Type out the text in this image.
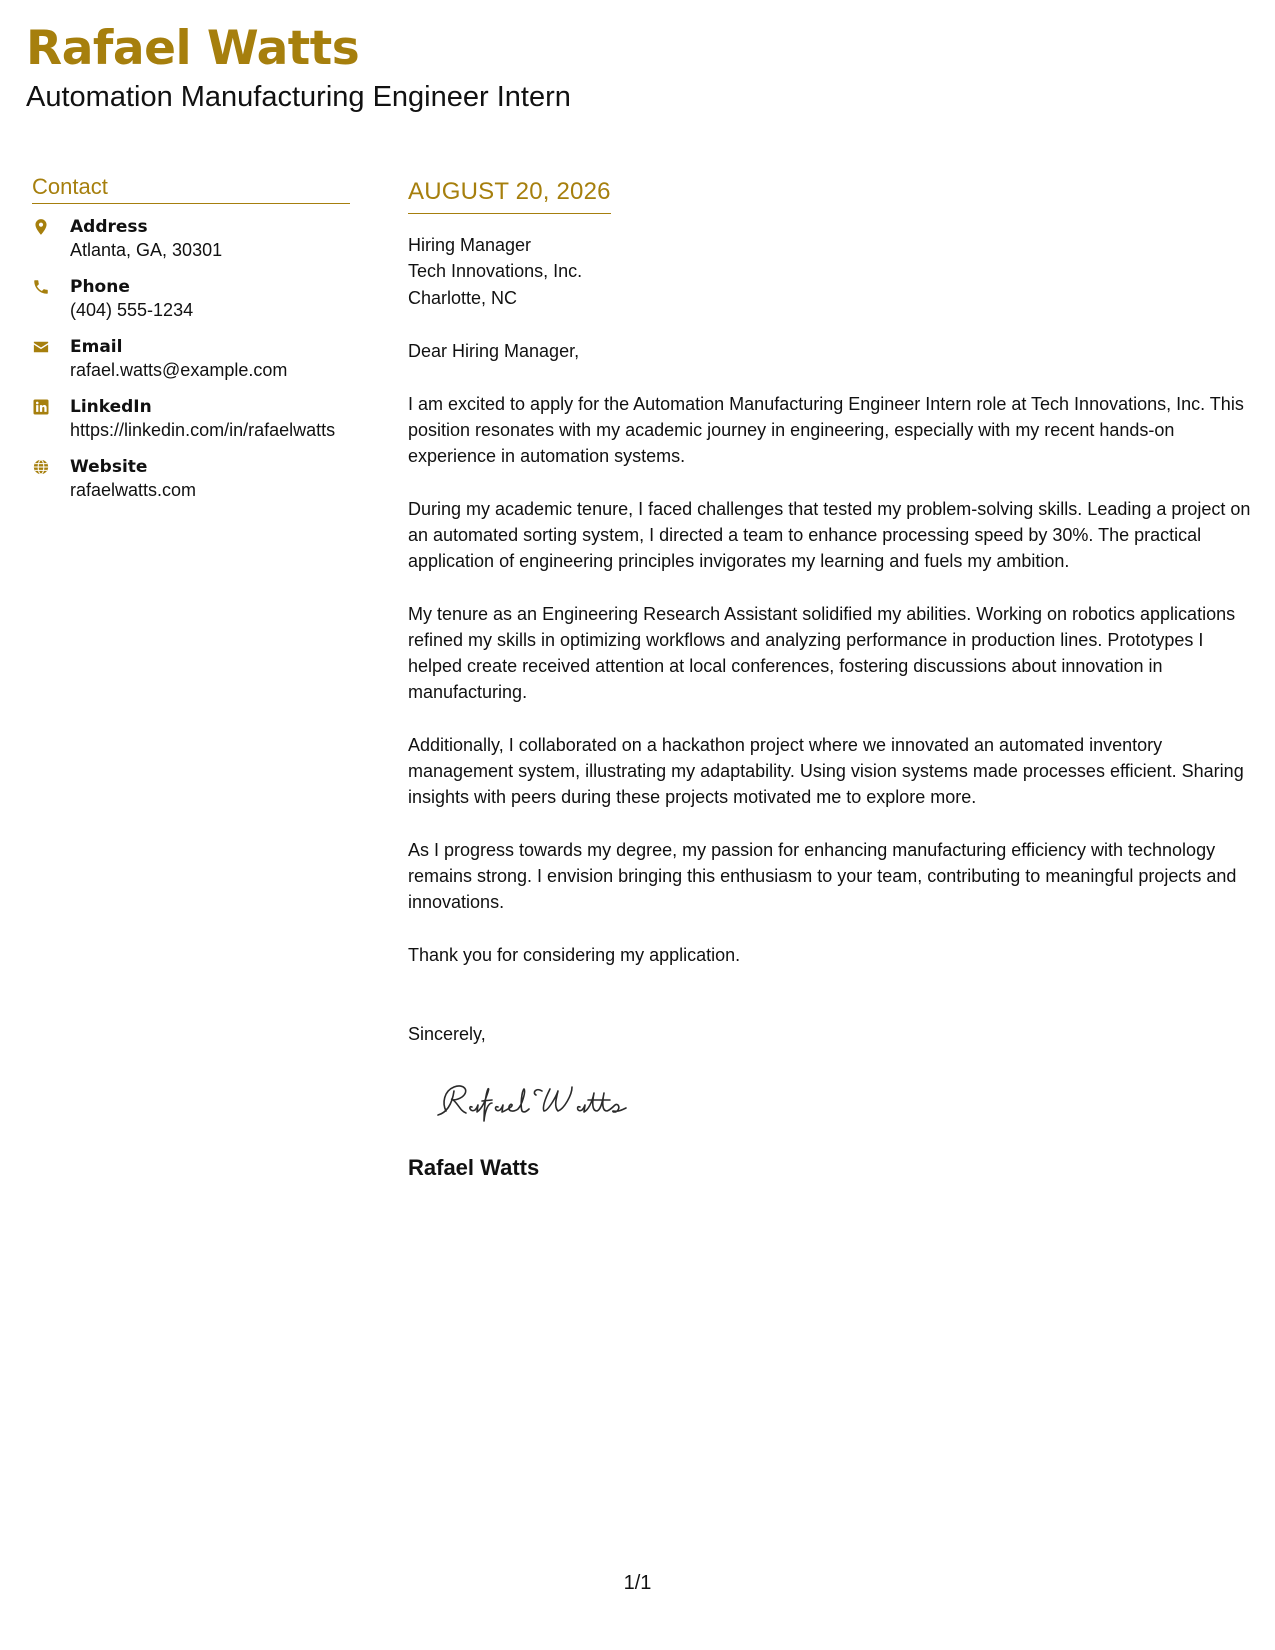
Rafael Watts
Automation Manufacturing Engineer Intern
Contact
Address
Atlanta, GA, 30301
Phone
(404) 555-1234
Email
rafael.watts@example.com
LinkedIn
https://linkedin.com/in/rafaelwatts
Website
rafaelwatts.com
AUGUST 20, 2026
Hiring Manager
Tech Innovations, Inc.
Charlotte, NC
Dear Hiring Manager,
I am excited to apply for the Automation Manufacturing Engineer Intern role at Tech Innovations, Inc. This position resonates with my academic journey in engineering, especially with my recent hands-on experience in automation systems.
During my academic tenure, I faced challenges that tested my problem-solving skills. Leading a project on an automated sorting system, I directed a team to enhance processing speed by 30%. The practical application of engineering principles invigorates my learning and fuels my ambition.
My tenure as an Engineering Research Assistant solidified my abilities. Working on robotics applications refined my skills in optimizing workflows and analyzing performance in production lines. Prototypes I helped create received attention at local conferences, fostering discussions about innovation in manufacturing.
Additionally, I collaborated on a hackathon project where we innovated an automated inventory management system, illustrating my adaptability. Using vision systems made processes efficient. Sharing insights with peers during these projects motivated me to explore more.
As I progress towards my degree, my passion for enhancing manufacturing efficiency with technology remains strong. I envision bringing this enthusiasm to your team, contributing to meaningful projects and innovations.
Thank you for considering my application.
Sincerely,
Rafael Watts
1/1
